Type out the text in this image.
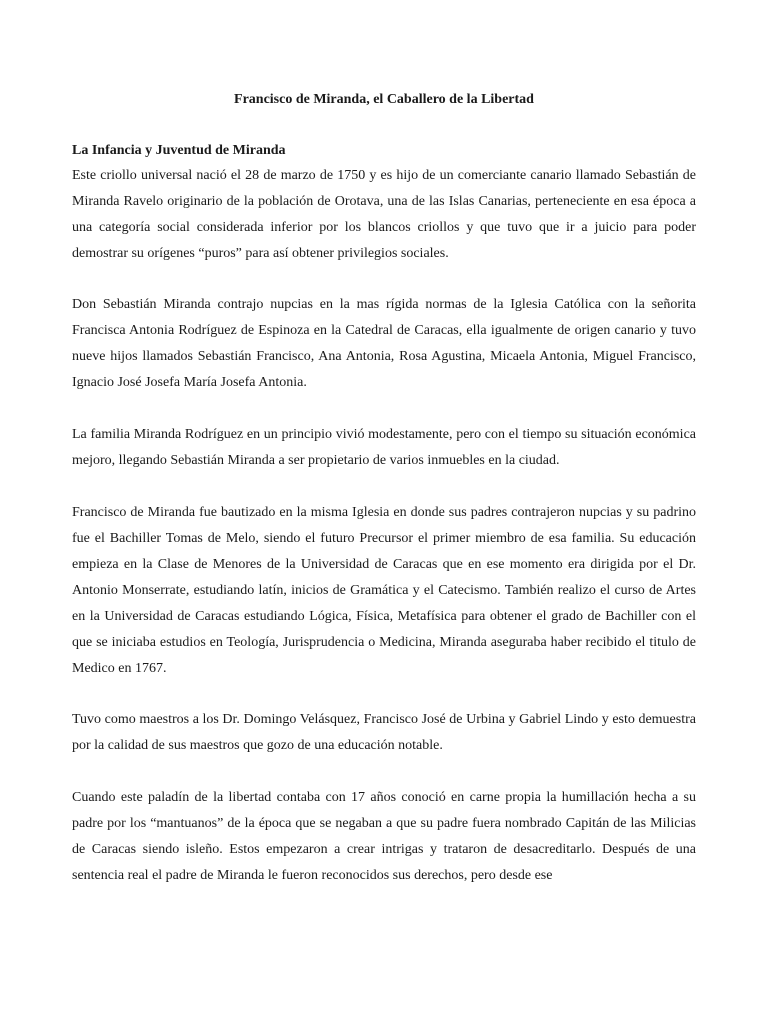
Francisco de Miranda, el Caballero de la Libertad
La Infancia y Juventud de Miranda

Este criollo universal nació el 28 de marzo de 1750 y es hijo de un comerciante canario llamado Sebastián de Miranda Ravelo originario de la población de Orotava, una de las Islas Canarias, perteneciente en esa época a una categoría social considerada inferior por los blancos criollos y que tuvo que ir a juicio para poder demostrar su orígenes “puros” para así obtener privilegios sociales.

Don Sebastián Miranda contrajo nupcias en la mas rígida normas de la Iglesia Católica con la señorita Francisca Antonia Rodríguez de Espinoza en la Catedral de Caracas, ella igualmente de origen canario y tuvo nueve hijos llamados Sebastián Francisco, Ana Antonia, Rosa Agustina, Micaela Antonia, Miguel Francisco, Ignacio José Josefa María Josefa Antonia.

La familia Miranda Rodríguez en un principio vivió modestamente, pero con el tiempo su situación económica mejoro, llegando Sebastián Miranda a ser propietario de varios inmuebles en la ciudad.

Francisco de Miranda fue bautizado en la misma Iglesia en donde sus padres contrajeron nupcias y su padrino fue el Bachiller Tomas de Melo, siendo el futuro Precursor el primer miembro de esa familia. Su educación empieza en la Clase de Menores de la Universidad de Caracas que en ese momento era dirigida por el Dr. Antonio Monserrate, estudiando latín, inicios de Gramática y el Catecismo. También realizo el curso de Artes en la Universidad de Caracas estudiando Lógica, Física, Metafísica para obtener el grado de Bachiller con el que se iniciaba estudios en Teología, Jurisprudencia o Medicina, Miranda aseguraba haber recibido el titulo de Medico en 1767.

Tuvo como maestros a los Dr. Domingo Velásquez, Francisco José de Urbina y Gabriel Lindo y esto demuestra por la calidad de sus maestros que gozo de una educación notable.

Cuando este paladín de la libertad contaba con 17 años conoció en carne propia la humillación hecha a su padre por los “mantuanos” de la época que se negaban a que su padre fuera nombrado Capitán de las Milicias de Caracas siendo isleño. Estos empezaron a crear intrigas y trataron de desacreditarlo. Después de una sentencia real el padre de Miranda le fueron reconocidos sus derechos, pero desde ese
